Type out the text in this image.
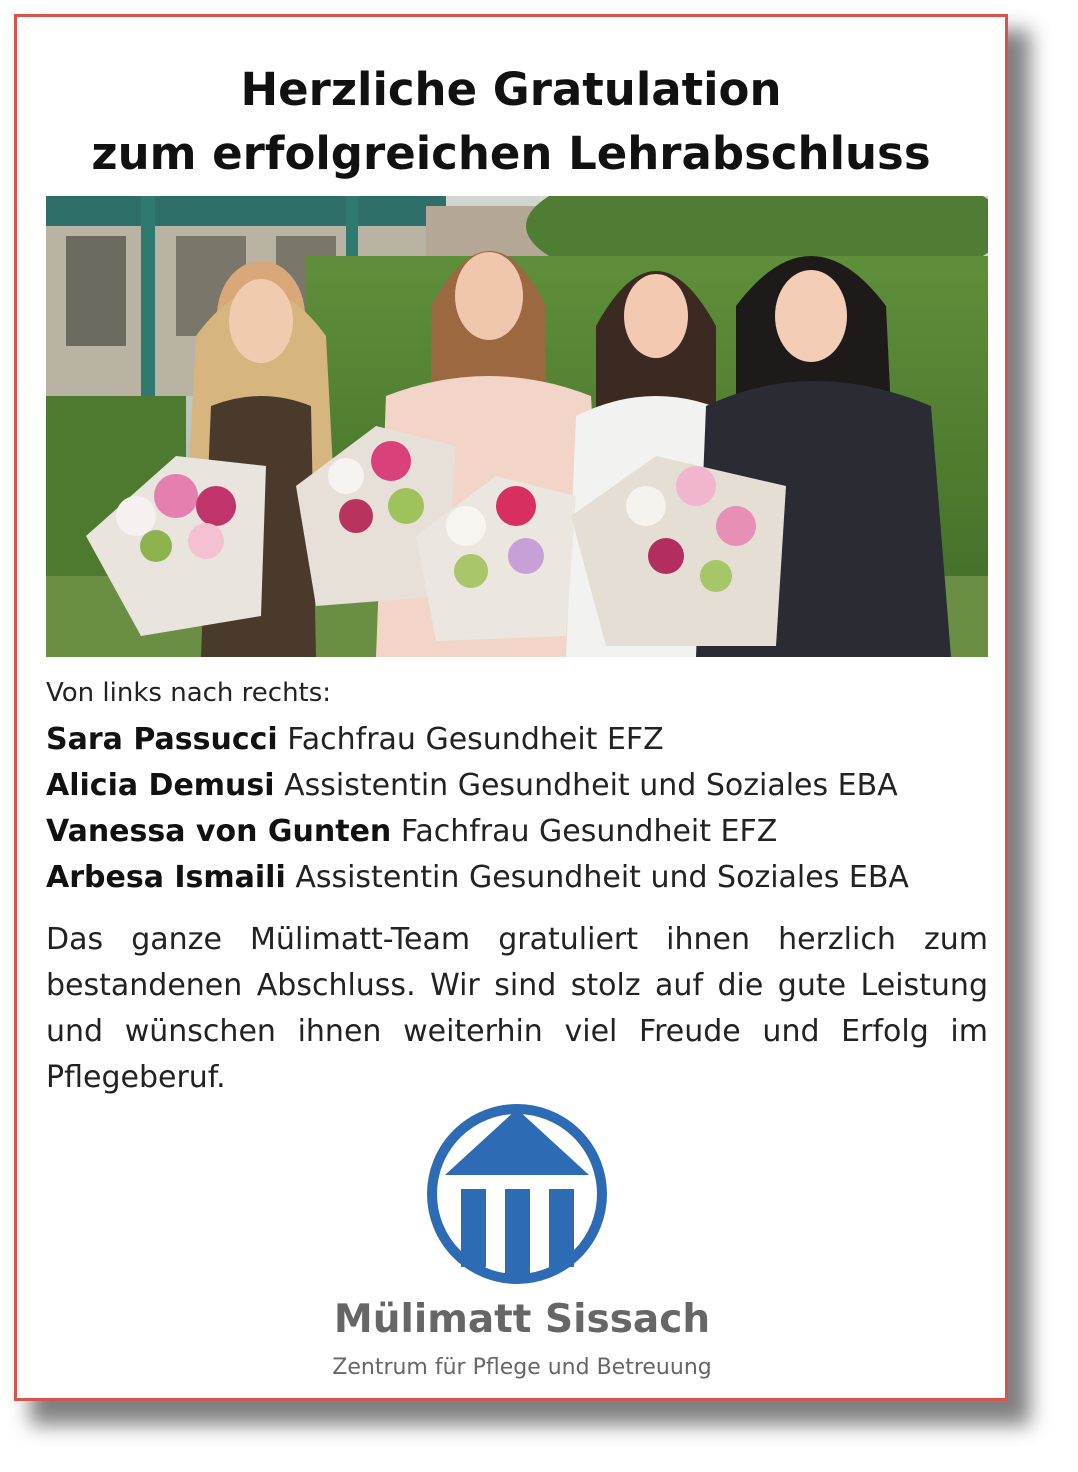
Herzliche Gratulation
zum erfolgreichen Lehrabschluss
Von links nach rechts:
Sara Passucci Fachfrau Gesundheit EFZ
Alicia Demusi Assistentin Gesundheit und Soziales EBA
Vanessa von Gunten Fachfrau Gesundheit EFZ
Arbesa Ismaili Assistentin Gesundheit und Soziales EBA
Das ganze Mülimatt-Team gratuliert ihnen herzlich zum bestandenen Abschluss. Wir sind stolz auf die gute Leistung und wünschen ihnen weiterhin viel Freude und Erfolg im Pflegeberuf.
Mülimatt Sissach
Zentrum für Pflege und Betreuung
